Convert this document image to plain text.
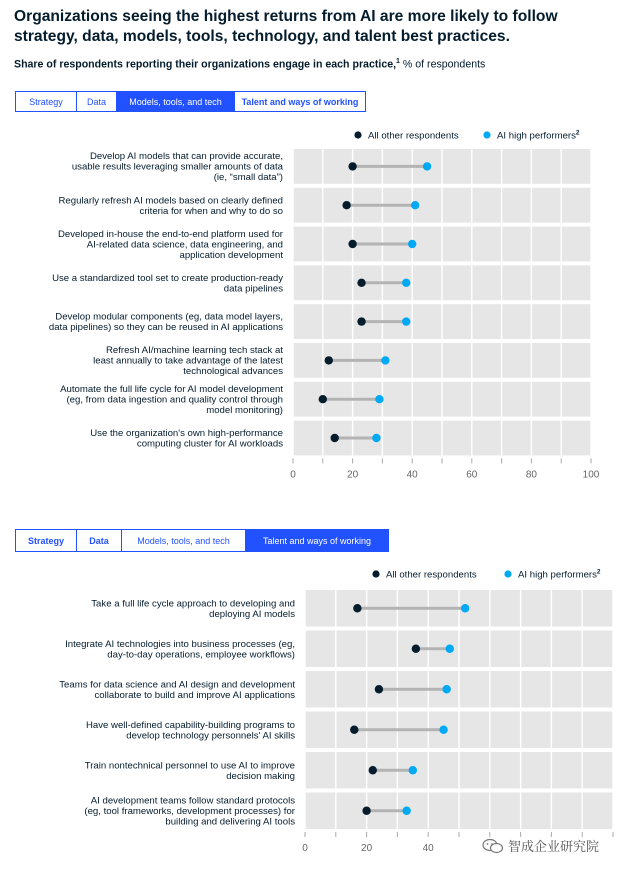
Organizations seeing the highest returns from AI are more likely to follow strategy, data, models, tools, technology, and talent best practices.
Share of respondents reporting their organizations engage in each practice,$^1$ % of respondents
Strategy	Data	Models, tools, and tech	Talent and ways of working
Strategy	Data	Models, tools, and tech	Talent and ways of working
All other respondents	AI high performers$^2$
0	20	40	60	80	100
Develop AI models that can provide accurate, usable results leveraging smaller amounts of data (ie, “small data”)
Regularly refresh AI models based on clearly defined criteria for when and why to do so
Developed in-house the end-to-end platform used for AI-related data science, data engineering, and application development
Use a standardized tool set to create production-ready data pipelines
Develop modular components (eg, data model layers, data pipelines) so they can be reused in AI applications
Refresh AI/machine learning tech stack at least annually to take advantage of the latest technological advances
Automate the full life cycle for AI model development (eg, from data ingestion and quality control through model monitoring)
Use the organization's own high-performance computing cluster for AI workloads
All other respondents	AI high performers$^2$
0	20	40
Take a full life cycle approach to developing and deploying AI models
Integrate AI technologies into business processes (eg, day-to-day operations, employee workflows)
Teams for data science and AI design and development collaborate to build and improve AI applications
Have well-defined capability-building programs to develop technology personnels' AI skills
Train nontechnical personnel to use AI to improve decision making
AI development teams follow standard protocols (eg, tool frameworks, development processes) for building and delivering AI tools
智成企业研究院
